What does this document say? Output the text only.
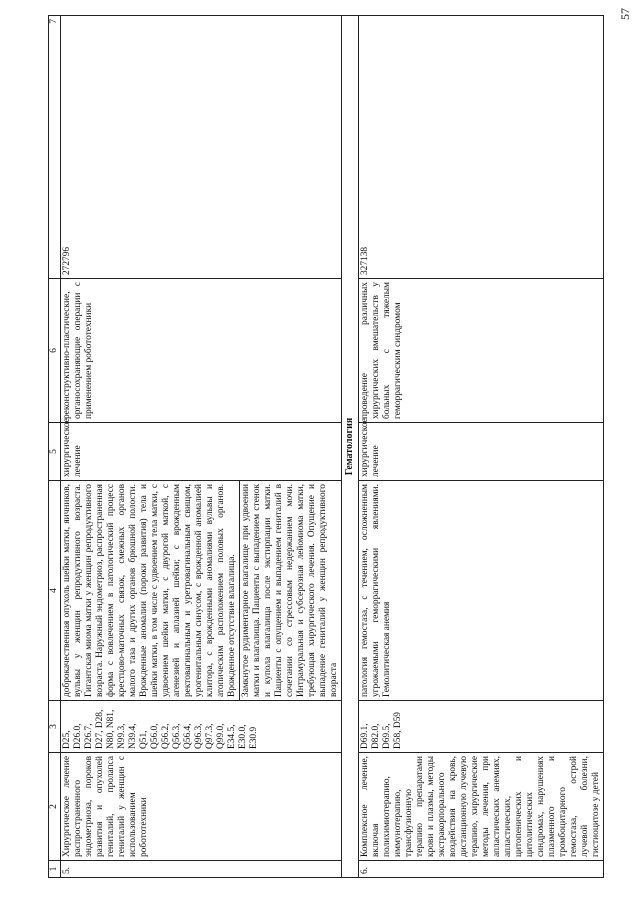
57
1	2	3	4	5	6	7
5.	Хирургическое лечение распространенного эндометриоза, пороков развития и опухолей гениталий, пролапса гениталий у женщин с использованием робототехники	D25, D26.0, D26.7, D27, D28, N80, N81, N99.3, N39.4, Q51, Q56.0, Q56.2, Q56.3, Q56.4, Q96.3, Q97.3, Q99.0, E34.5, E30.0, E30.9	доброкачественная опухоль шейки матки, яичников, вульвы у женщин репродуктивного возраста. Гигантская миома матки у женщин репродуктивного возраста. Наружный эндометриоз, распространенная форма с вовлечением в патологический процесс крестцово-маточных связок, смежных органов малого таза и других органов брюшной полости. Врожденные аномалии (пороки развития) тела и шейки матки, в том числе с удвоением тела матки, с удвоением шейки матки, с двурогой маткой, с агенезией и аплазией шейки; с врожденным ректовагинальным и уретровагинальным свищом, урогенитальным синусом, с врожденной аномалией клитора, с врожденными аномалиями вульвы и атопическим расположением половых органов. Врожденное отсутствие влагалища.	хирургическое лечение	реконструктивно-пластические, органосохраняющие операции с применением робототехники	272796
			Замкнутое рудиментарное влагалище при удвоении матки и влагалища. Пациенты с выпадением стенок и купола влагалища после экстирпации матки. Пациенты с опущением и выпадением гениталий в сочетании со стрессовым недержанием мочи. Интрамуральная и субсерозная лейомиома матки, требующая хирургического лечения. Опущение и выпадение гениталий у женщин репродуктивного возраста			
Гематология						
6.	Комплексное лечение, включая полихимиотерапию, иммунотерапию, трансфузионную терапию препаратами крови и плазмы, методы экстракорпорального воздействия на кровь, дистанционную лучевую терапию, хирургические методы лечения, при апластических анемиях, апластических, цитопенических и цитолитических синдромах, нарушениях плазменного и тромбоцитарного гемостаза, острой лучевой болезни, гистиоцитозе у детей	D69.1, D82.0, D69.5, D58, D59	патология гемостаза, с течением, осложненным угрожаемыми геморрагическими явлениями. Гемолитическая анемия	хирургическое лечение	проведение различных хирургических вмешательств у больных с тяжелым геморрагическим синдромом	327138
